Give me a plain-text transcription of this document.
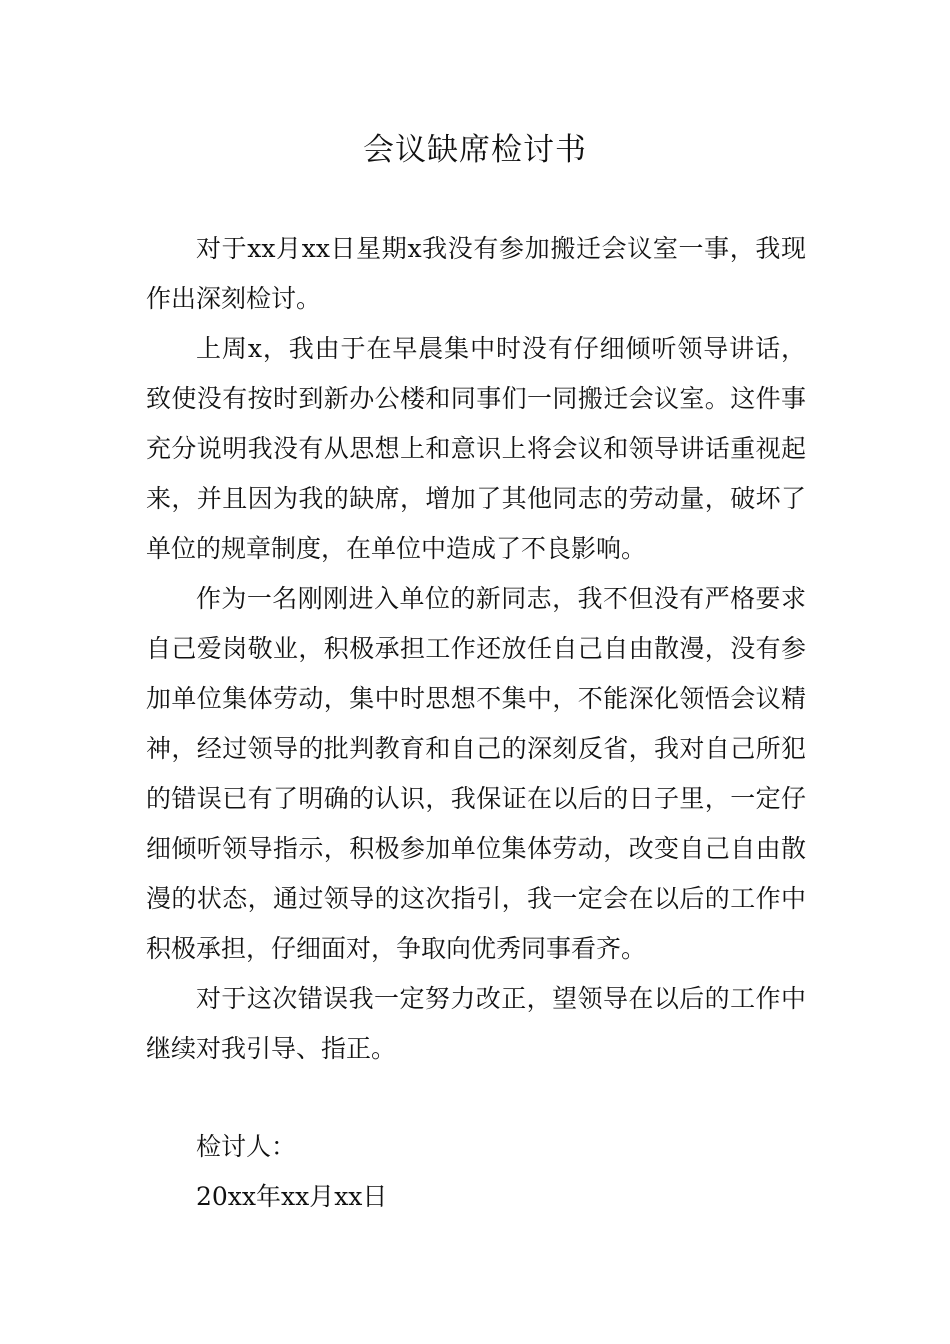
会议缺席检讨书

对于xx月xx日星期x我没有参加搬迁会议室一事，我现作出深刻检讨。

上周x，我由于在早晨集中时没有仔细倾听领导讲话，致使没有按时到新办公楼和同事们一同搬迁会议室。这件事充分说明我没有从思想上和意识上将会议和领导讲话重视起来，并且因为我的缺席，增加了其他同志的劳动量，破坏了单位的规章制度，在单位中造成了不良影响。

作为一名刚刚进入单位的新同志，我不但没有严格要求自己爱岗敬业，积极承担工作还放任自己自由散漫，没有参加单位集体劳动，集中时思想不集中，不能深化领悟会议精神，经过领导的批判教育和自己的深刻反省，我对自己所犯的错误已有了明确的认识，我保证在以后的日子里，一定仔细倾听领导指示，积极参加单位集体劳动，改变自己自由散漫的状态，通过领导的这次指引，我一定会在以后的工作中积极承担，仔细面对，争取向优秀同事看齐。

对于这次错误我一定努力改正，望领导在以后的工作中继续对我引导、指正。

检讨人：
20xx年xx月xx日
